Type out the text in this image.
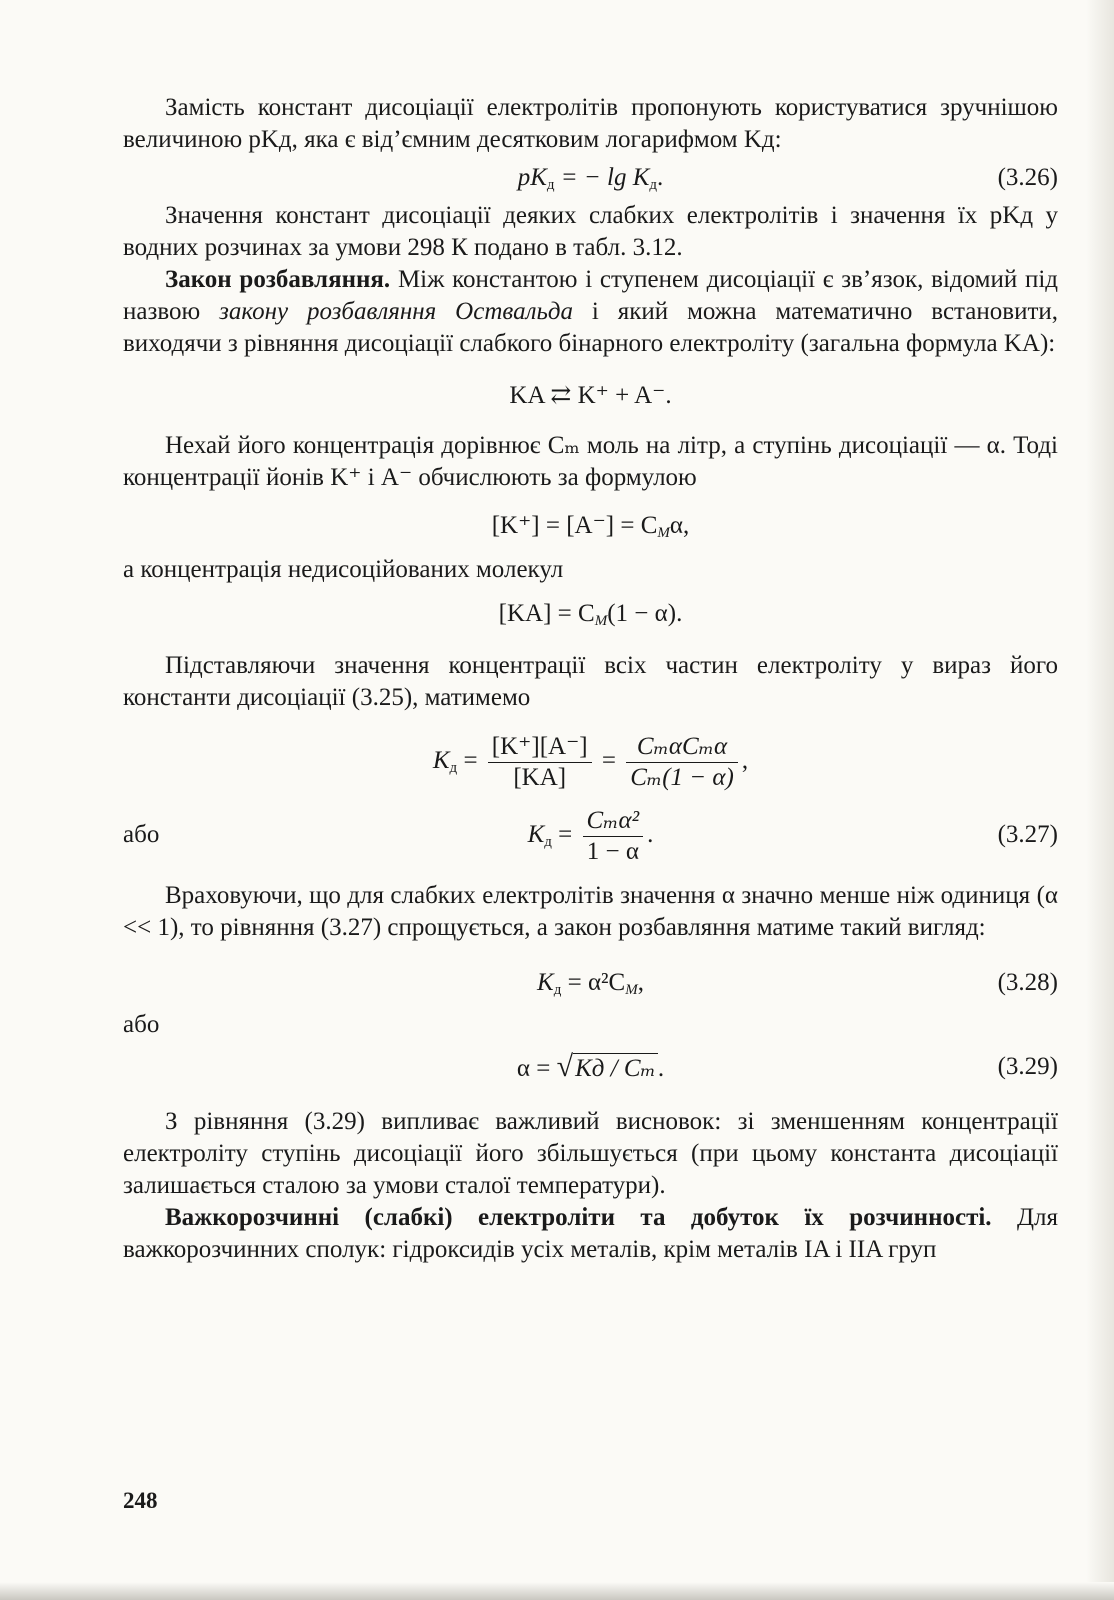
Замість констант дисоціації електролітів пропонують користуватися зручнішою величиною pKд, яка є від’ємним десятковим логарифмом Kд:

$pK_д$ = − $\lg K_д$.	(3.26)

Значення констант дисоціації деяких слабких електролітів і значення їх pKд у водних розчинах за умови 298 К подано в табл. 3.12.

Закон розбавляння. Між константою і ступенем дисоціації є зв’язок, відомий під назвою закону розбавляння Оствальда і який можна математично встановити, виходячи з рівняння дисоціації слабкого бінарного електроліту (загальна формула KA):

KA ⇄ K⁺ + A⁻.

Нехай його концентрація дорівнює Cₘ моль на літр, а ступінь дисоціації — α. Тоді концентрації йонів K⁺ і A⁻ обчислюють за формулою

$[K^+] = [A^-] = C_M\alpha$,

а концентрація недисоційованих молекул

$[KA] = C_M(1 - \alpha)$.

Підставляючи значення концентрації всіх частин електроліту у вираз його константи дисоціації (3.25), матимемо

$K_д = \frac{[K^+][A^-]}{[KA]} = \frac{\text{CₘαCₘα}}{\text{Cₘ(1 − α)}}$ ,
або	$K_д = \frac{\text{Cₘα²}}{1 - \alpha}$ .	(3.27)

Враховуючи, що для слабких електролітів значення α значно менше ніж одиниця (α << 1), то рівняння (3.27) спрощується, а закон розбавляння матиме такий вигляд:

$K_д = \alpha^2C_M$,	(3.28)
або
α = √Kд / Cₘ.	(3.29)

З рівняння (3.29) випливає важливий висновок: зі зменшенням концентрації електроліту ступінь дисоціації його збільшується (при цьому константа дисоціації залишається сталою за умови сталої температури).

Важкорозчинні (слабкі) електроліти та добуток їх розчинності. Для важкорозчинних сполук: гідроксидів усіх металів, крім металів IA і IIA груп

248
